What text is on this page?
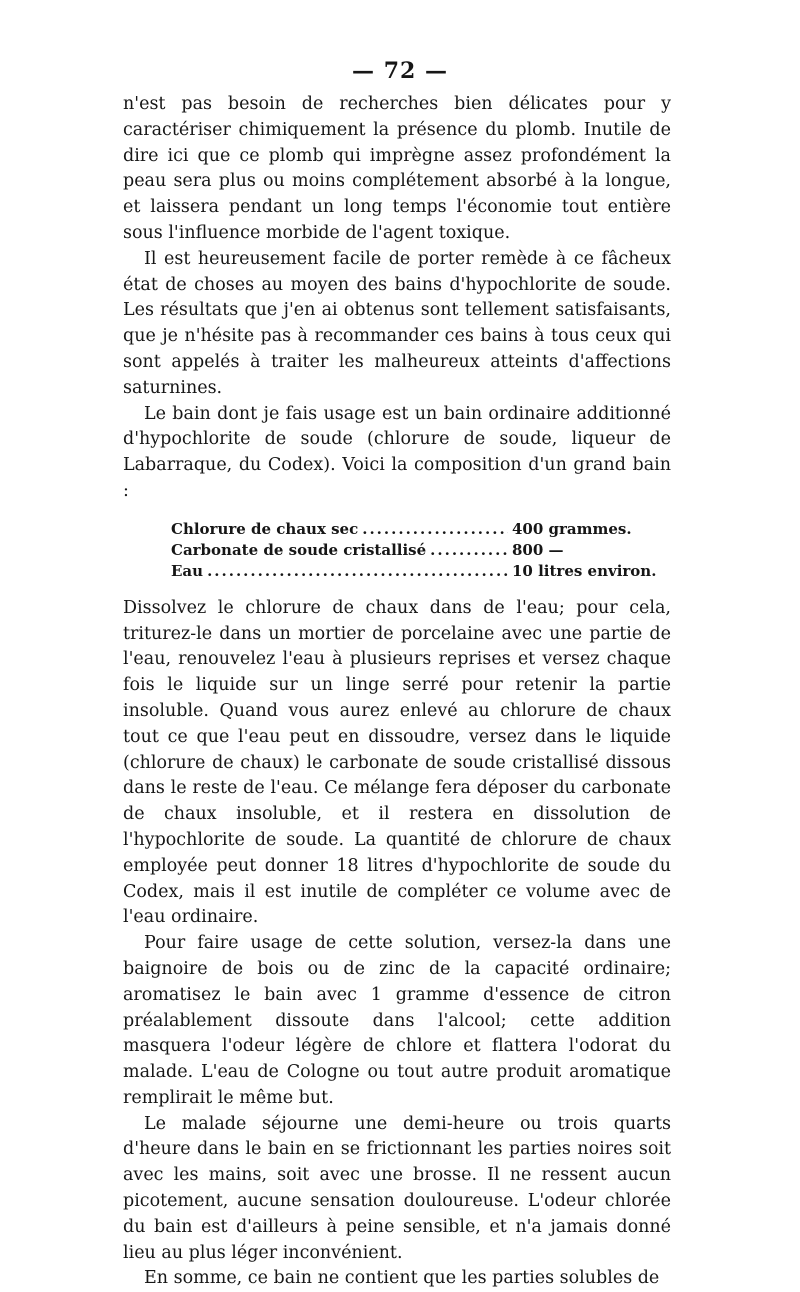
— 72 —

n'est pas besoin de recherches bien délicates pour y caractériser chimiquement la présence du plomb. Inutile de dire ici que ce plomb qui imprègne assez profondément la peau sera plus ou moins complétement absorbé à la longue, et laissera pendant un long temps l'économie tout entière sous l'influence morbide de l'agent toxique.

Il est heureusement facile de porter remède à ce fâcheux état de choses au moyen des bains d'hypochlorite de soude. Les résultats que j'en ai obtenus sont tellement satisfaisants, que je n'hésite pas à recommander ces bains à tous ceux qui sont appelés à traiter les malheureux atteints d'affections saturnines.

Le bain dont je fais usage est un bain ordinaire additionné d'hypochlorite de soude (chlorure de soude, liqueur de Labarraque, du Codex). Voici la composition d'un grand bain :

Chlorure de chaux sec .....	400 grammes.
Carbonate de soude cristallisé .....	800 —
Eau .....	10 litres environ.

Dissolvez le chlorure de chaux dans de l'eau; pour cela, triturez-le dans un mortier de porcelaine avec une partie de l'eau, renouvelez l'eau à plusieurs reprises et versez chaque fois le liquide sur un linge serré pour retenir la partie insoluble. Quand vous aurez enlevé au chlorure de chaux tout ce que l'eau peut en dissoudre, versez dans le liquide (chlorure de chaux) le carbonate de soude cristallisé dissous dans le reste de l'eau. Ce mélange fera déposer du carbonate de chaux insoluble, et il restera en dissolution de l'hypochlorite de soude. La quantité de chlorure de chaux employée peut donner 18 litres d'hypochlorite de soude du Codex, mais il est inutile de compléter ce volume avec de l'eau ordinaire.

Pour faire usage de cette solution, versez-la dans une baignoire de bois ou de zinc de la capacité ordinaire; aromatisez le bain avec 1 gramme d'essence de citron préalablement dissoute dans l'alcool; cette addition masquera l'odeur légère de chlore et flattera l'odorat du malade. L'eau de Cologne ou tout autre produit aromatique remplirait le même but.

Le malade séjourne une demi-heure ou trois quarts d'heure dans le bain en se frictionnant les parties noires soit avec les mains, soit avec une brosse. Il ne ressent aucun picotement, aucune sensation douloureuse. L'odeur chlorée du bain est d'ailleurs à peine sensible, et n'a jamais donné lieu au plus léger inconvénient.

En somme, ce bain ne contient que les parties solubles de
